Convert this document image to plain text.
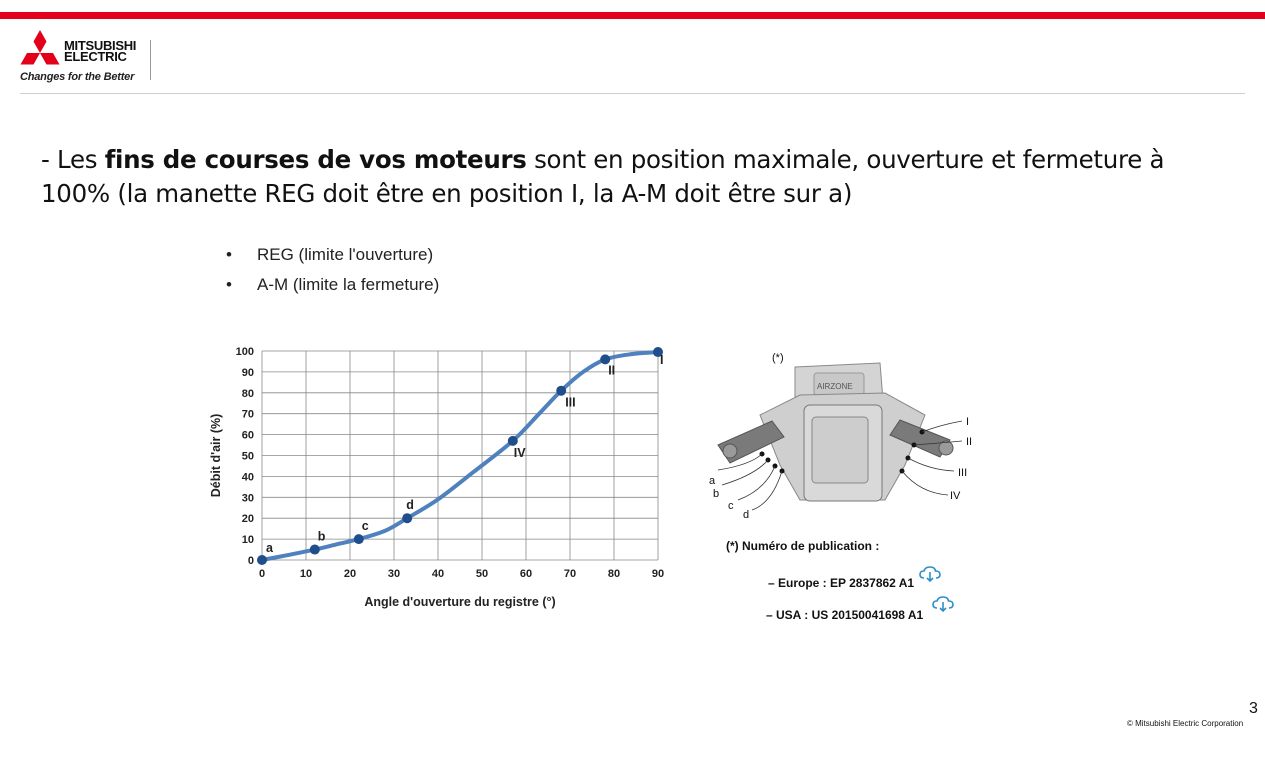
MITSUBISHI
ELECTRIC
Changes for the Better
- Les fins de courses de vos moteurs sont en position maximale, ouverture et fermeture à 100% (la manette REG doit être en position I, la A-M doit être sur a)
• REG (limite l'ouverture)
• A-M (limite la fermeture)
0	10	20	30	40	50	60	70	80	90
0
10
20
30
40
50
60
70
80
90
100
Angle d'ouverture du registre (°)
Débit d'air (%)
a
b
c
d
IV
III
II
I	(*)
AIRZONE
I
II
III
IV
a
b
c
d
(*) Numéro de publication :
– Europe : EP 2837862 A1
– USA : US 20150041698 A1
3
© Mitsubishi Electric Corporation
